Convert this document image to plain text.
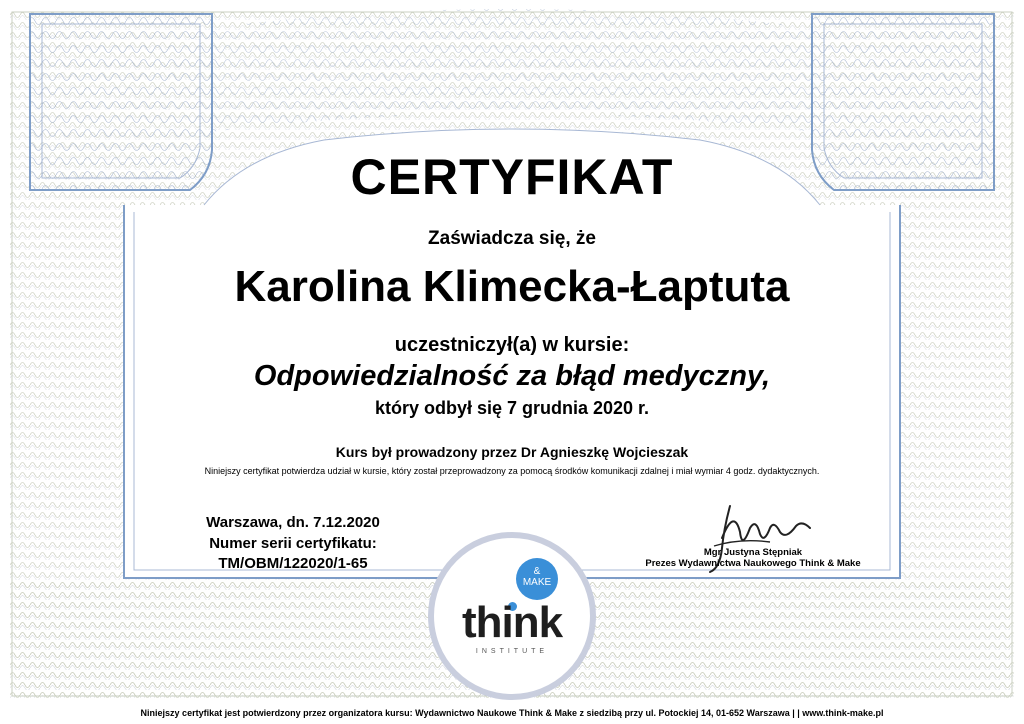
CERTYFIKAT
Zaświadcza się, że
Karolina Klimecka-Łaptuta
uczestniczył(a) w kursie:
Odpowiedzialność za błąd medyczny,
który odbył się 7 grudnia 2020 r.
Kurs był prowadzony przez Dr Agnieszkę Wojcieszak
Niniejszy certyfikat potwierdza udział w kursie, który został przeprowadzony za pomocą środków komunikacji zdalnej i miał wymiar 4 godz. dydaktycznych.
Warszawa, dn. 7.12.2020
Numer serii certyfikatu:
TM/OBM/122020/1-65
Mgr Justyna Stępniak
Prezes Wydawnictwa Naukowego Think & Make
&
MAKE
think
INSTITUTE
Niniejszy certyfikat jest potwierdzony przez organizatora kursu: Wydawnictwo Naukowe Think & Make z siedzibą przy ul. Potockiej 14, 01-652 Warszawa | | www.think-make.pl
